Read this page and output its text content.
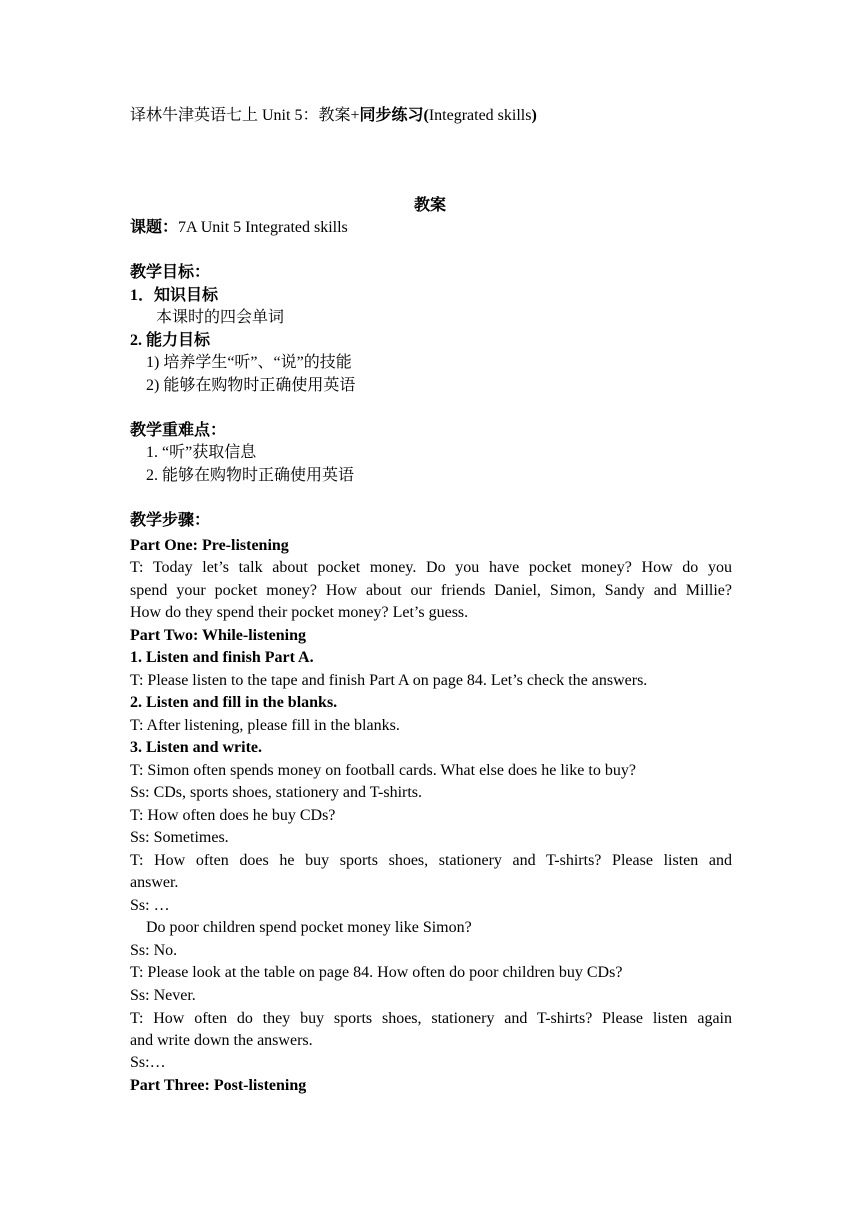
译林牛津英语七上 Unit 5：教案+同步练习(Integrated skills)
教案
课题：7A Unit 5 Integrated skills
教学目标：
1．知识目标
本课时的四会单词
2. 能力目标
1) 培养学生“听”、“说”的技能
2) 能够在购物时正确使用英语
教学重难点：
1. “听”获取信息
2. 能够在购物时正确使用英语
教学步骤：
Part One: Pre-listening
T: Today let’s talk about pocket money. Do you have pocket money? How do you
spend your pocket money? How about our friends Daniel, Simon, Sandy and Millie?
How do they spend their pocket money? Let’s guess.
Part Two: While-listening
1. Listen and finish Part A.
T: Please listen to the tape and finish Part A on page 84. Let’s check the answers.
2. Listen and fill in the blanks.
T: After listening, please fill in the blanks.
3. Listen and write.
T: Simon often spends money on football cards. What else does he like to buy?
Ss: CDs, sports shoes, stationery and T-shirts.
T: How often does he buy CDs?
Ss: Sometimes.
T: How often does he buy sports shoes, stationery and T-shirts? Please listen and
answer.
Ss: …
Do poor children spend pocket money like Simon?
Ss: No.
T: Please look at the table on page 84. How often do poor children buy CDs?
Ss: Never.
T: How often do they buy sports shoes, stationery and T-shirts? Please listen again
and write down the answers.
Ss:…
Part Three: Post-listening
